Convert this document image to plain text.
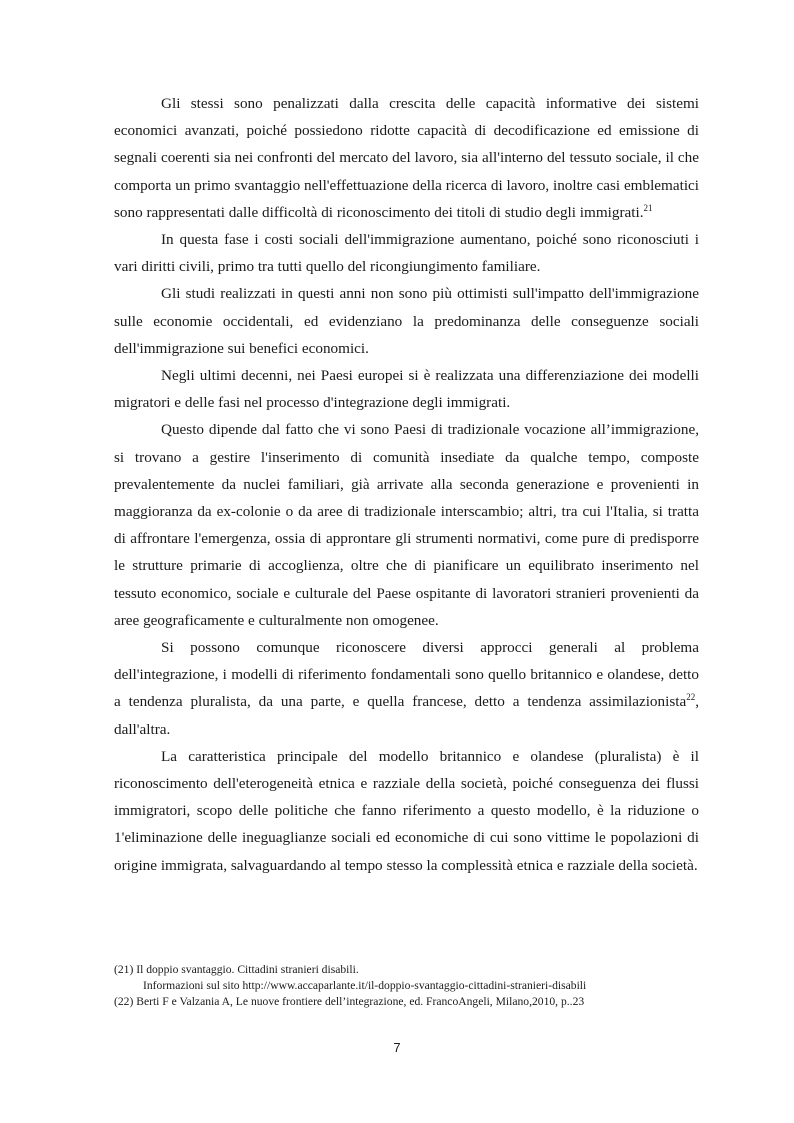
Gli stessi sono penalizzati dalla crescita delle capacità informative dei sistemi economici avanzati, poiché possiedono ridotte capacità di decodificazione ed emissione di segnali coerenti sia nei confronti del mercato del lavoro, sia all'interno del tessuto sociale, il che comporta un primo svantaggio nell'effettuazione della ricerca di lavoro, inoltre casi emblematici sono rappresentati dalle difficoltà di riconoscimento dei titoli di studio degli immigrati.$^{21}$

In questa fase i costi sociali dell'immigrazione aumentano, poiché sono riconosciuti i vari diritti civili, primo tra tutti quello del ricongiungimento familiare.

Gli studi realizzati in questi anni non sono più ottimisti sull'impatto dell'immigrazione sulle economie occidentali, ed evidenziano la predominanza delle conseguenze sociali dell'immigrazione sui benefici economici.

Negli ultimi decenni, nei Paesi europei si è realizzata una differenziazione dei modelli migratori e delle fasi nel processo d'integrazione degli immigrati.

Questo dipende dal fatto che vi sono Paesi di tradizionale vocazione all’immigrazione, si trovano a gestire l'inserimento di comunità insediate da qualche tempo, composte prevalentemente da nuclei familiari, già arrivate alla seconda generazione e provenienti in maggioranza da ex-colonie o da aree di tradizionale interscambio; altri, tra cui l'Italia, si tratta di affrontare l'emergenza, ossia di approntare gli strumenti normativi, come pure di predisporre le strutture primarie di accoglienza, oltre che di pianificare un equilibrato inserimento nel tessuto economico, sociale e culturale del Paese ospitante di lavoratori stranieri provenienti da aree geograficamente e culturalmente non omogenee.

Si possono comunque riconoscere diversi approcci generali al problema dell'integrazione, i modelli di riferimento fondamentali sono quello britannico e olandese, detto a tendenza pluralista, da una parte, e quella francese, detto a tendenza assimilazionista$^{22}$, dall'altra.

La caratteristica principale del modello britannico e olandese (pluralista) è il riconoscimento dell'eterogeneità etnica e razziale della società, poiché conseguenza dei flussi immigratori, scopo delle politiche che fanno riferimento a questo modello, è la riduzione o 1'eliminazione delle ineguaglianze sociali ed economiche di cui sono vittime le popolazioni di origine immigrata, salvaguardando al tempo stesso la complessità etnica e razziale della società.

(21) Il doppio svantaggio. Cittadini stranieri disabili.
Informazioni sul sito http://www.accaparlante.it/il-doppio-svantaggio-cittadini-stranieri-disabili
(22) Berti F e Valzania A, Le nuove frontiere dell’integrazione, ed. FrancoAngeli, Milano,2010, p..23
7
